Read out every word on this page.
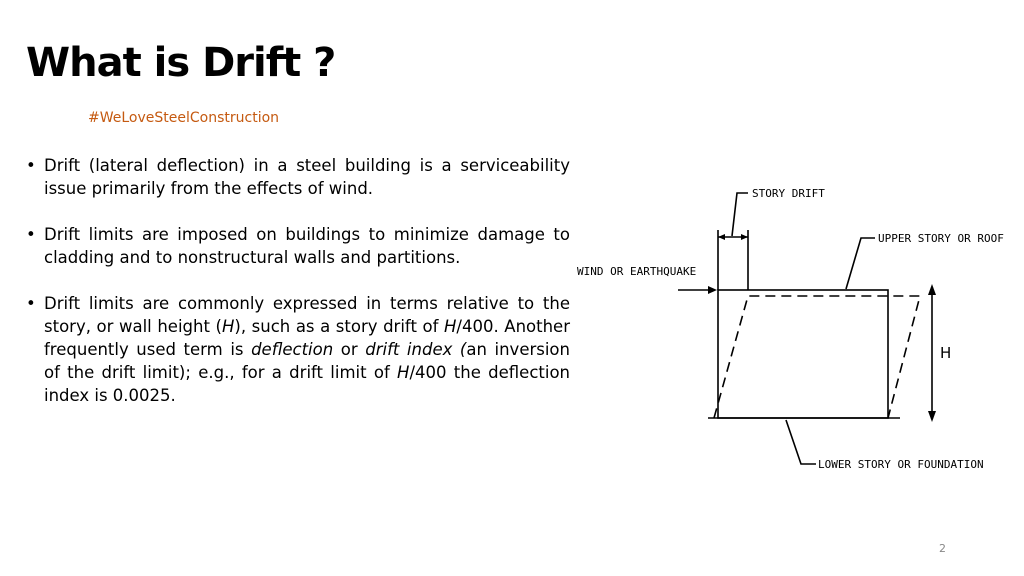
What is Drift ?
#WeLoveSteelConstruction
• Drift (lateral deflection) in a steel building is a serviceability issue primarily from the effects of wind.
• Drift limits are imposed on buildings to minimize damage to cladding and to nonstructural walls and partitions.
• Drift limits are commonly expressed in terms relative to the story, or wall height (H), such as a story drift of H/400. Another frequently used term is deflection or drift index (an inversion of the drift limit); e.g., for a drift limit of H/400 the deflection index is 0.0025.
STORY DRIFT
UPPER STORY OR ROOF
WIND OR EARTHQUAKE
LOWER STORY OR FOUNDATION
H
2
